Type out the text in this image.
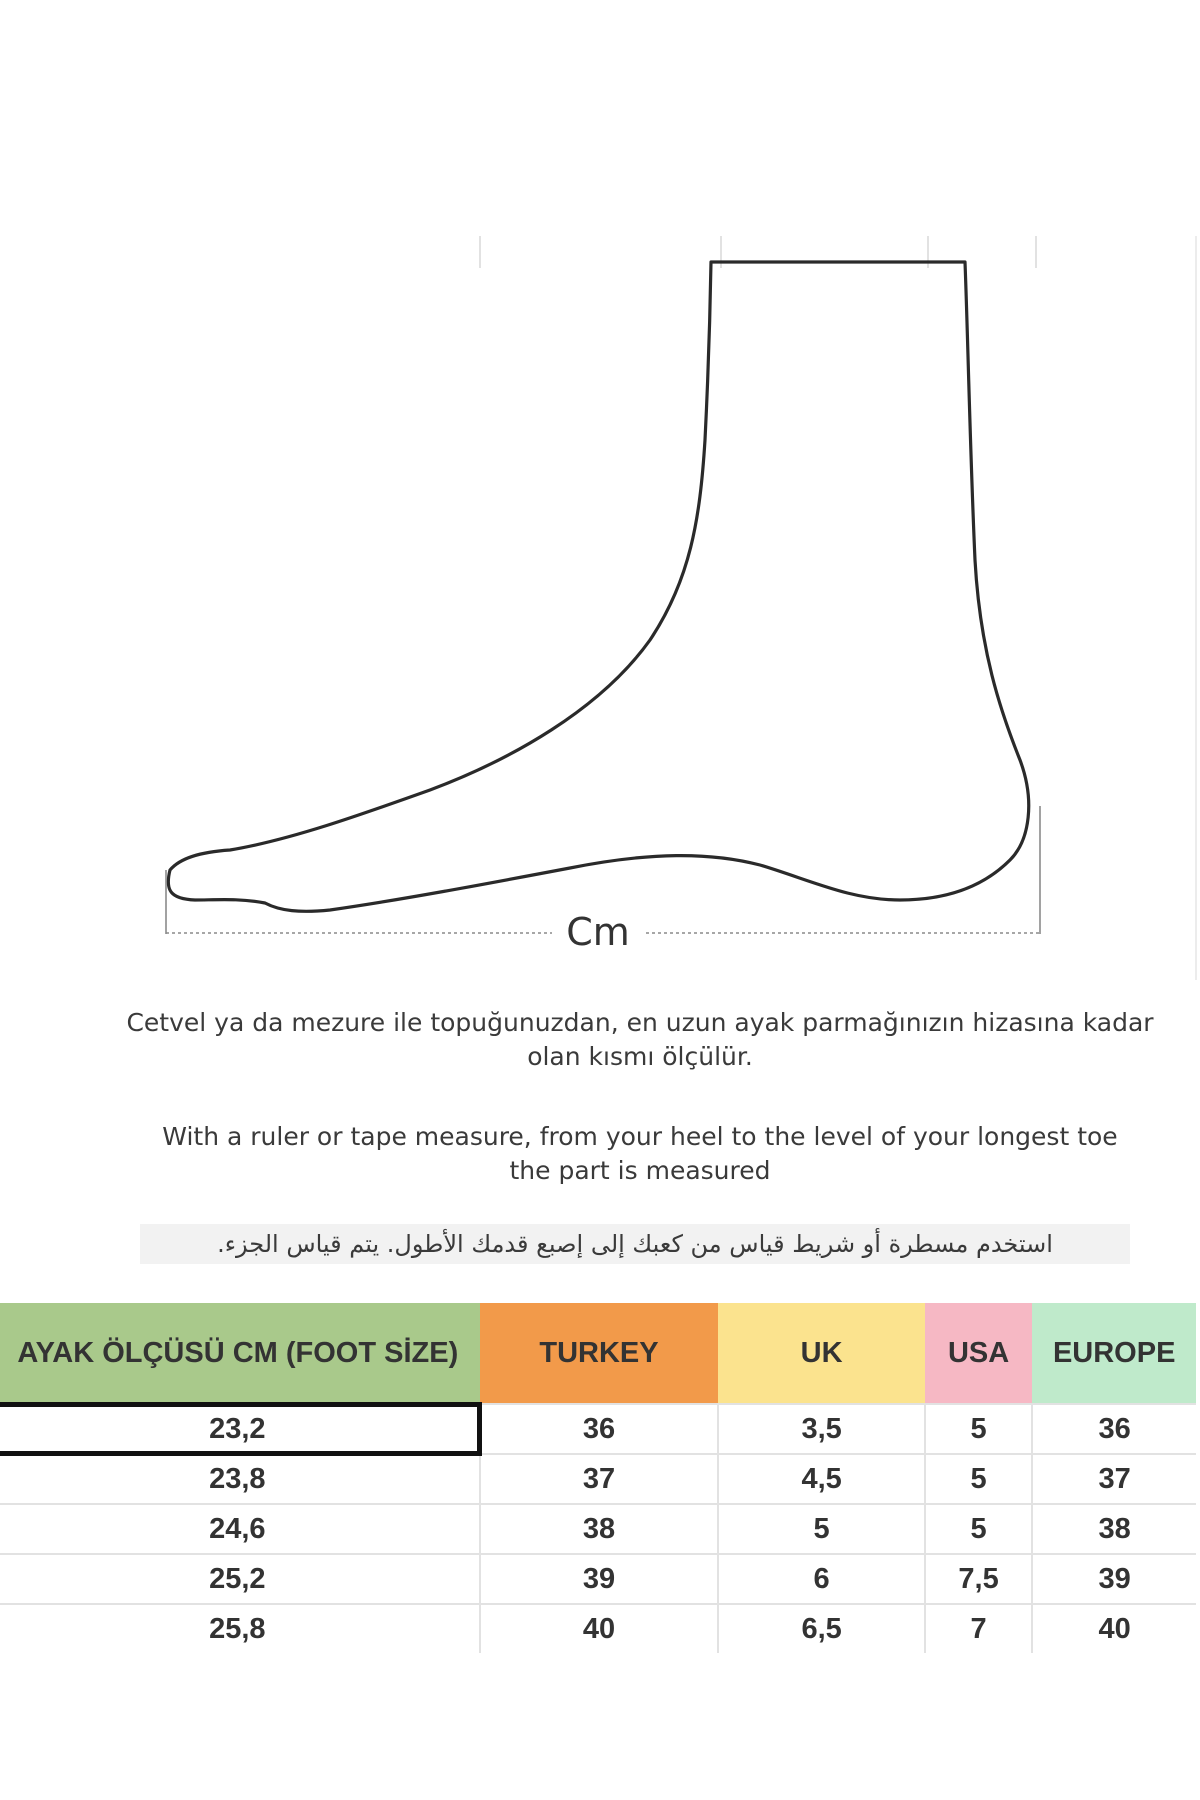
Cm
Cetvel ya da mezure ile topuğunuzdan, en uzun ayak parmağınızın hizasına kadar
olan kısmı ölçülür.
With a ruler or tape measure, from your heel to the level of your longest toe
the part is measured
استخدم مسطرة أو شريط قياس من كعبك إلى إصبع قدمك الأطول. يتم قياس الجزء.
AYAK ÖLÇÜSÜ CM (FOOT SİZE)	TURKEY	UK	USA	EUROPE
23,2	36	3,5	5	36
23,8	37	4,5	5	37
24,6	38	5	5	38
25,2	39	6	7,5	39
25,8	40	6,5	7	40
